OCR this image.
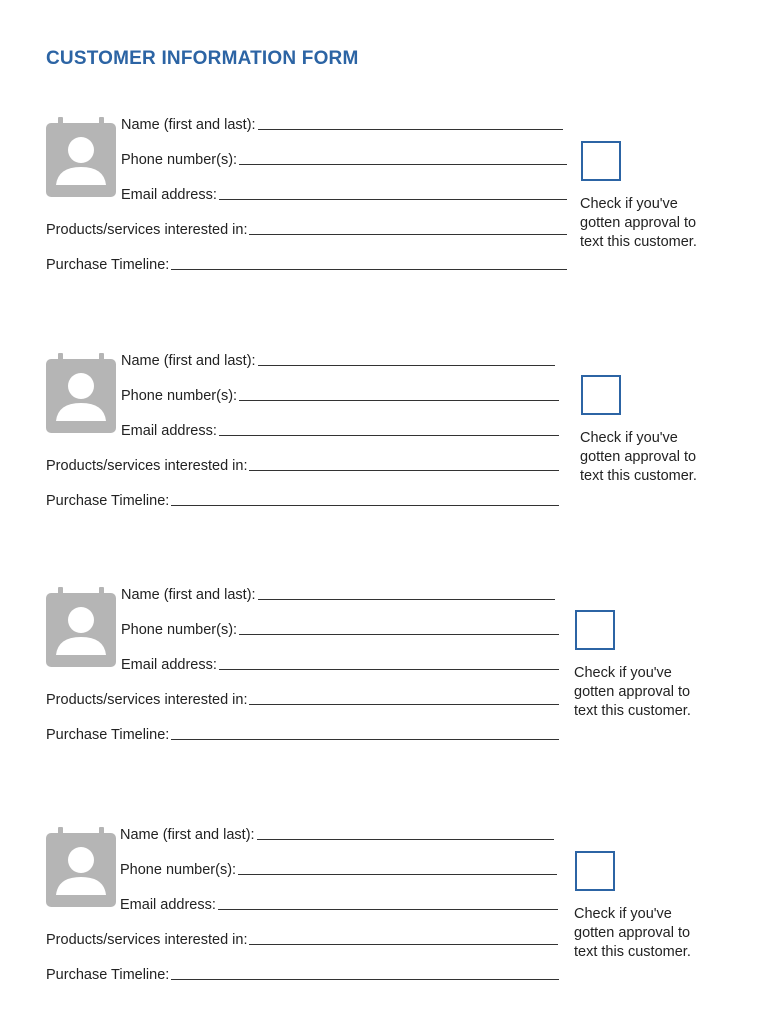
CUSTOMER INFORMATION FORM
Name (first and last):
Phone number(s):
Email address:
Products/services interested in:
Purchase Timeline:
Check if you've gotten approval to text this customer.
Name (first and last):
Phone number(s):
Email address:
Products/services interested in:
Purchase Timeline:
Check if you've gotten approval to text this customer.
Name (first and last):
Phone number(s):
Email address:
Products/services interested in:
Purchase Timeline:
Check if you've gotten approval to text this customer.
Name (first and last):
Phone number(s):
Email address:
Products/services interested in:
Purchase Timeline:
Check if you've gotten approval to text this customer.
